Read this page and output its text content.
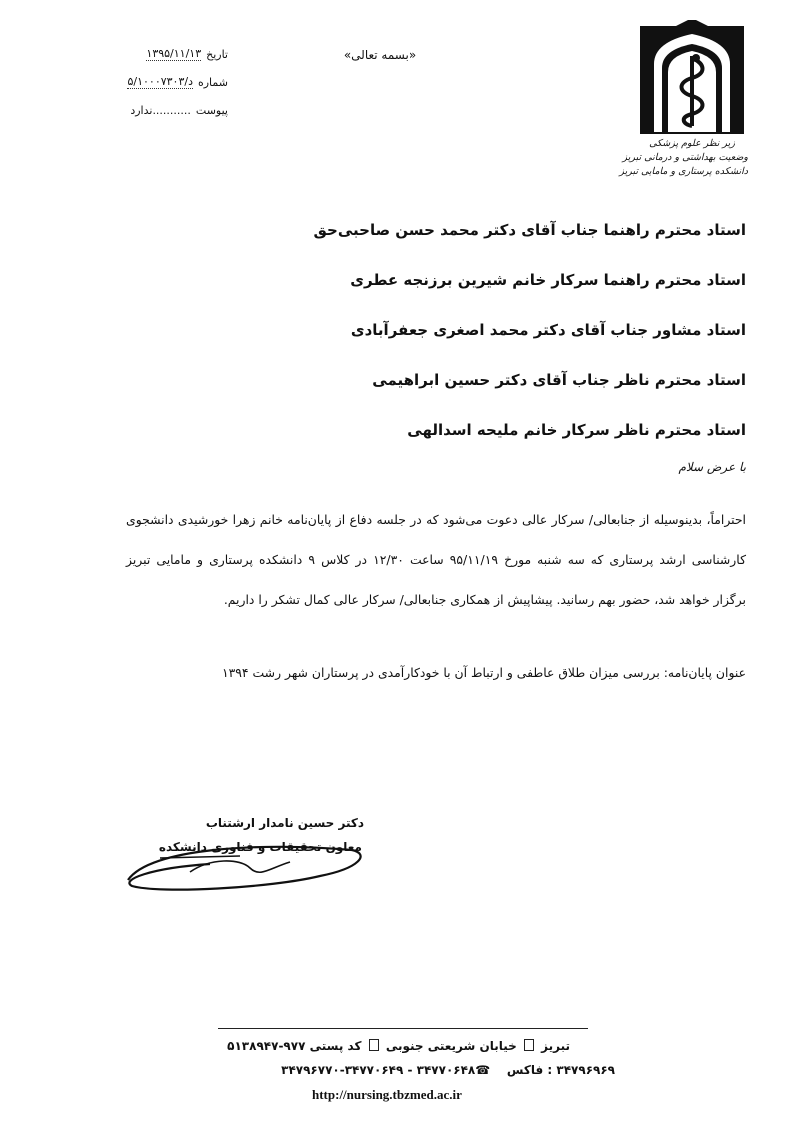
زیر نظر علوم پزشکی
وضعیت بهداشتی و درمانی تبریز
دانشکده پرستاری و مامایی تبریز
«بسمه تعالی»
تاریخ
۱۳۹۵/۱۱/۱۳
شماره
۵/د/۱۰۰۰۷۳۰۳
پیوست
ندارد...........
استاد محترم راهنما جناب آقای دکتر محمد حسن صاحبی‌حق
استاد محترم راهنما سرکار خانم شیرین برزنجه عطری
استاد مشاور جناب آقای دکتر محمد اصغری جعفرآبادی
استاد محترم ناظر جناب آقای دکتر حسین ابراهیمی
استاد محترم ناظر سرکار خانم ملیحه اسدالهی
با عرض سلام
احتراماً، بدینوسیله از جنابعالی/ سرکار عالی دعوت می‌شود که در جلسه دفاع از پایان‌نامه خانم زهرا خورشیدی دانشجوی کارشناسی ارشد پرستاری که سه شنبه مورخ ۹۵/۱۱/۱۹ ساعت ۱۲/۳۰ در کلاس ۹ دانشکده پرستاری و مامایی تبریز برگزار خواهد شد، حضور بهم رسانید. پیشاپیش از همکاری جنابعالی/ سرکار عالی کمال تشکر را داریم.
عنوان پایان‌نامه: بررسی میزان طلاق عاطفی و ارتباط آن با خودکارآمدی در پرستاران شهر رشت ۱۳۹۴
دکتر حسین نامدار ارشتناب
معاون تحقیقات و فناوری دانشکده
تبریز  خیابان شریعتی جنوبی  کد پستی ۹۷۷-۵۱۳۸۹۴۷
۳۴۷۹۶۹۶۹ : فاکس    ☎۳۴۷۷۰۶۴۸ - ۳۴۷۷۰۶۴۹-۳۴۷۹۶۷۷۰
http://nursing.tbzmed.ac.ir
